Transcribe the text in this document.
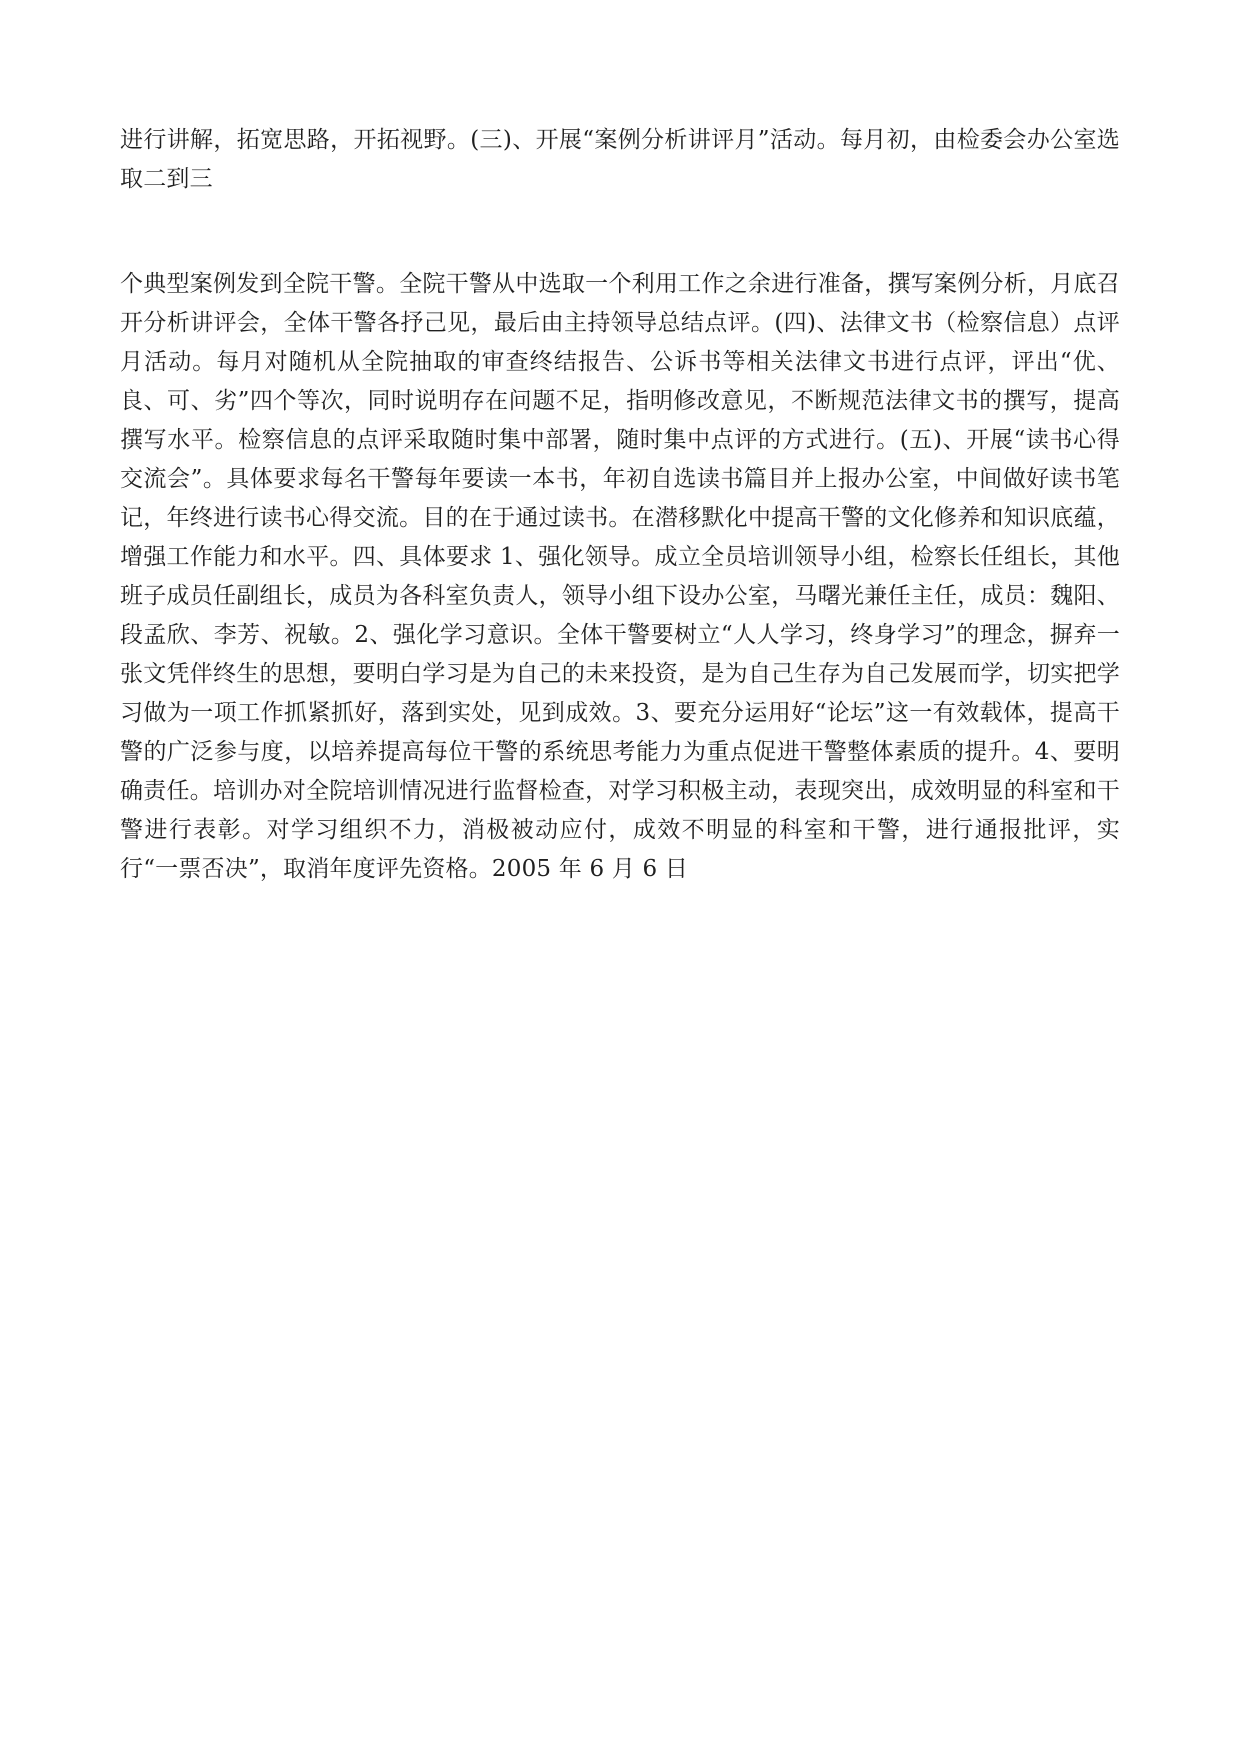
进行讲解，拓宽思路，开拓视野。(三)、开展“案例分析讲评月”活动。每月初，由检委会办公室选取二到三

个典型案例发到全院干警。全院干警从中选取一个利用工作之余进行准备，撰写案例分析，月底召开分析讲评会，全体干警各抒己见，最后由主持领导总结点评。(四)、法律文书（检察信息）点评月活动。每月对随机从全院抽取的审查终结报告、公诉书等相关法律文书进行点评，评出“优、良、可、劣”四个等次，同时说明存在问题不足，指明修改意见，不断规范法律文书的撰写，提高撰写水平。检察信息的点评采取随时集中部署，随时集中点评的方式进行。(五)、开展“读书心得交流会”。具体要求每名干警每年要读一本书，年初自选读书篇目并上报办公室，中间做好读书笔记，年终进行读书心得交流。目的在于通过读书。在潜移默化中提高干警的文化修养和知识底蕴，增强工作能力和水平。四、具体要求 1、强化领导。成立全员培训领导小组，检察长任组长，其他班子成员任副组长，成员为各科室负责人，领导小组下设办公室，马曙光兼任主任，成员：魏阳、段孟欣、李芳、祝敏。2、强化学习意识。全体干警要树立“人人学习，终身学习”的理念，摒弃一张文凭伴终生的思想，要明白学习是为自己的未来投资，是为自己生存为自己发展而学，切实把学习做为一项工作抓紧抓好，落到实处，见到成效。3、要充分运用好“论坛”这一有效载体，提高干警的广泛参与度，以培养提高每位干警的系统思考能力为重点促进干警整体素质的提升。4、要明确责任。培训办对全院培训情况进行监督检查，对学习积极主动，表现突出，成效明显的科室和干警进行表彰。对学习组织不力，消极被动应付，成效不明显的科室和干警，进行通报批评，实行“一票否决”，取消年度评先资格。2005 年 6 月 6 日
